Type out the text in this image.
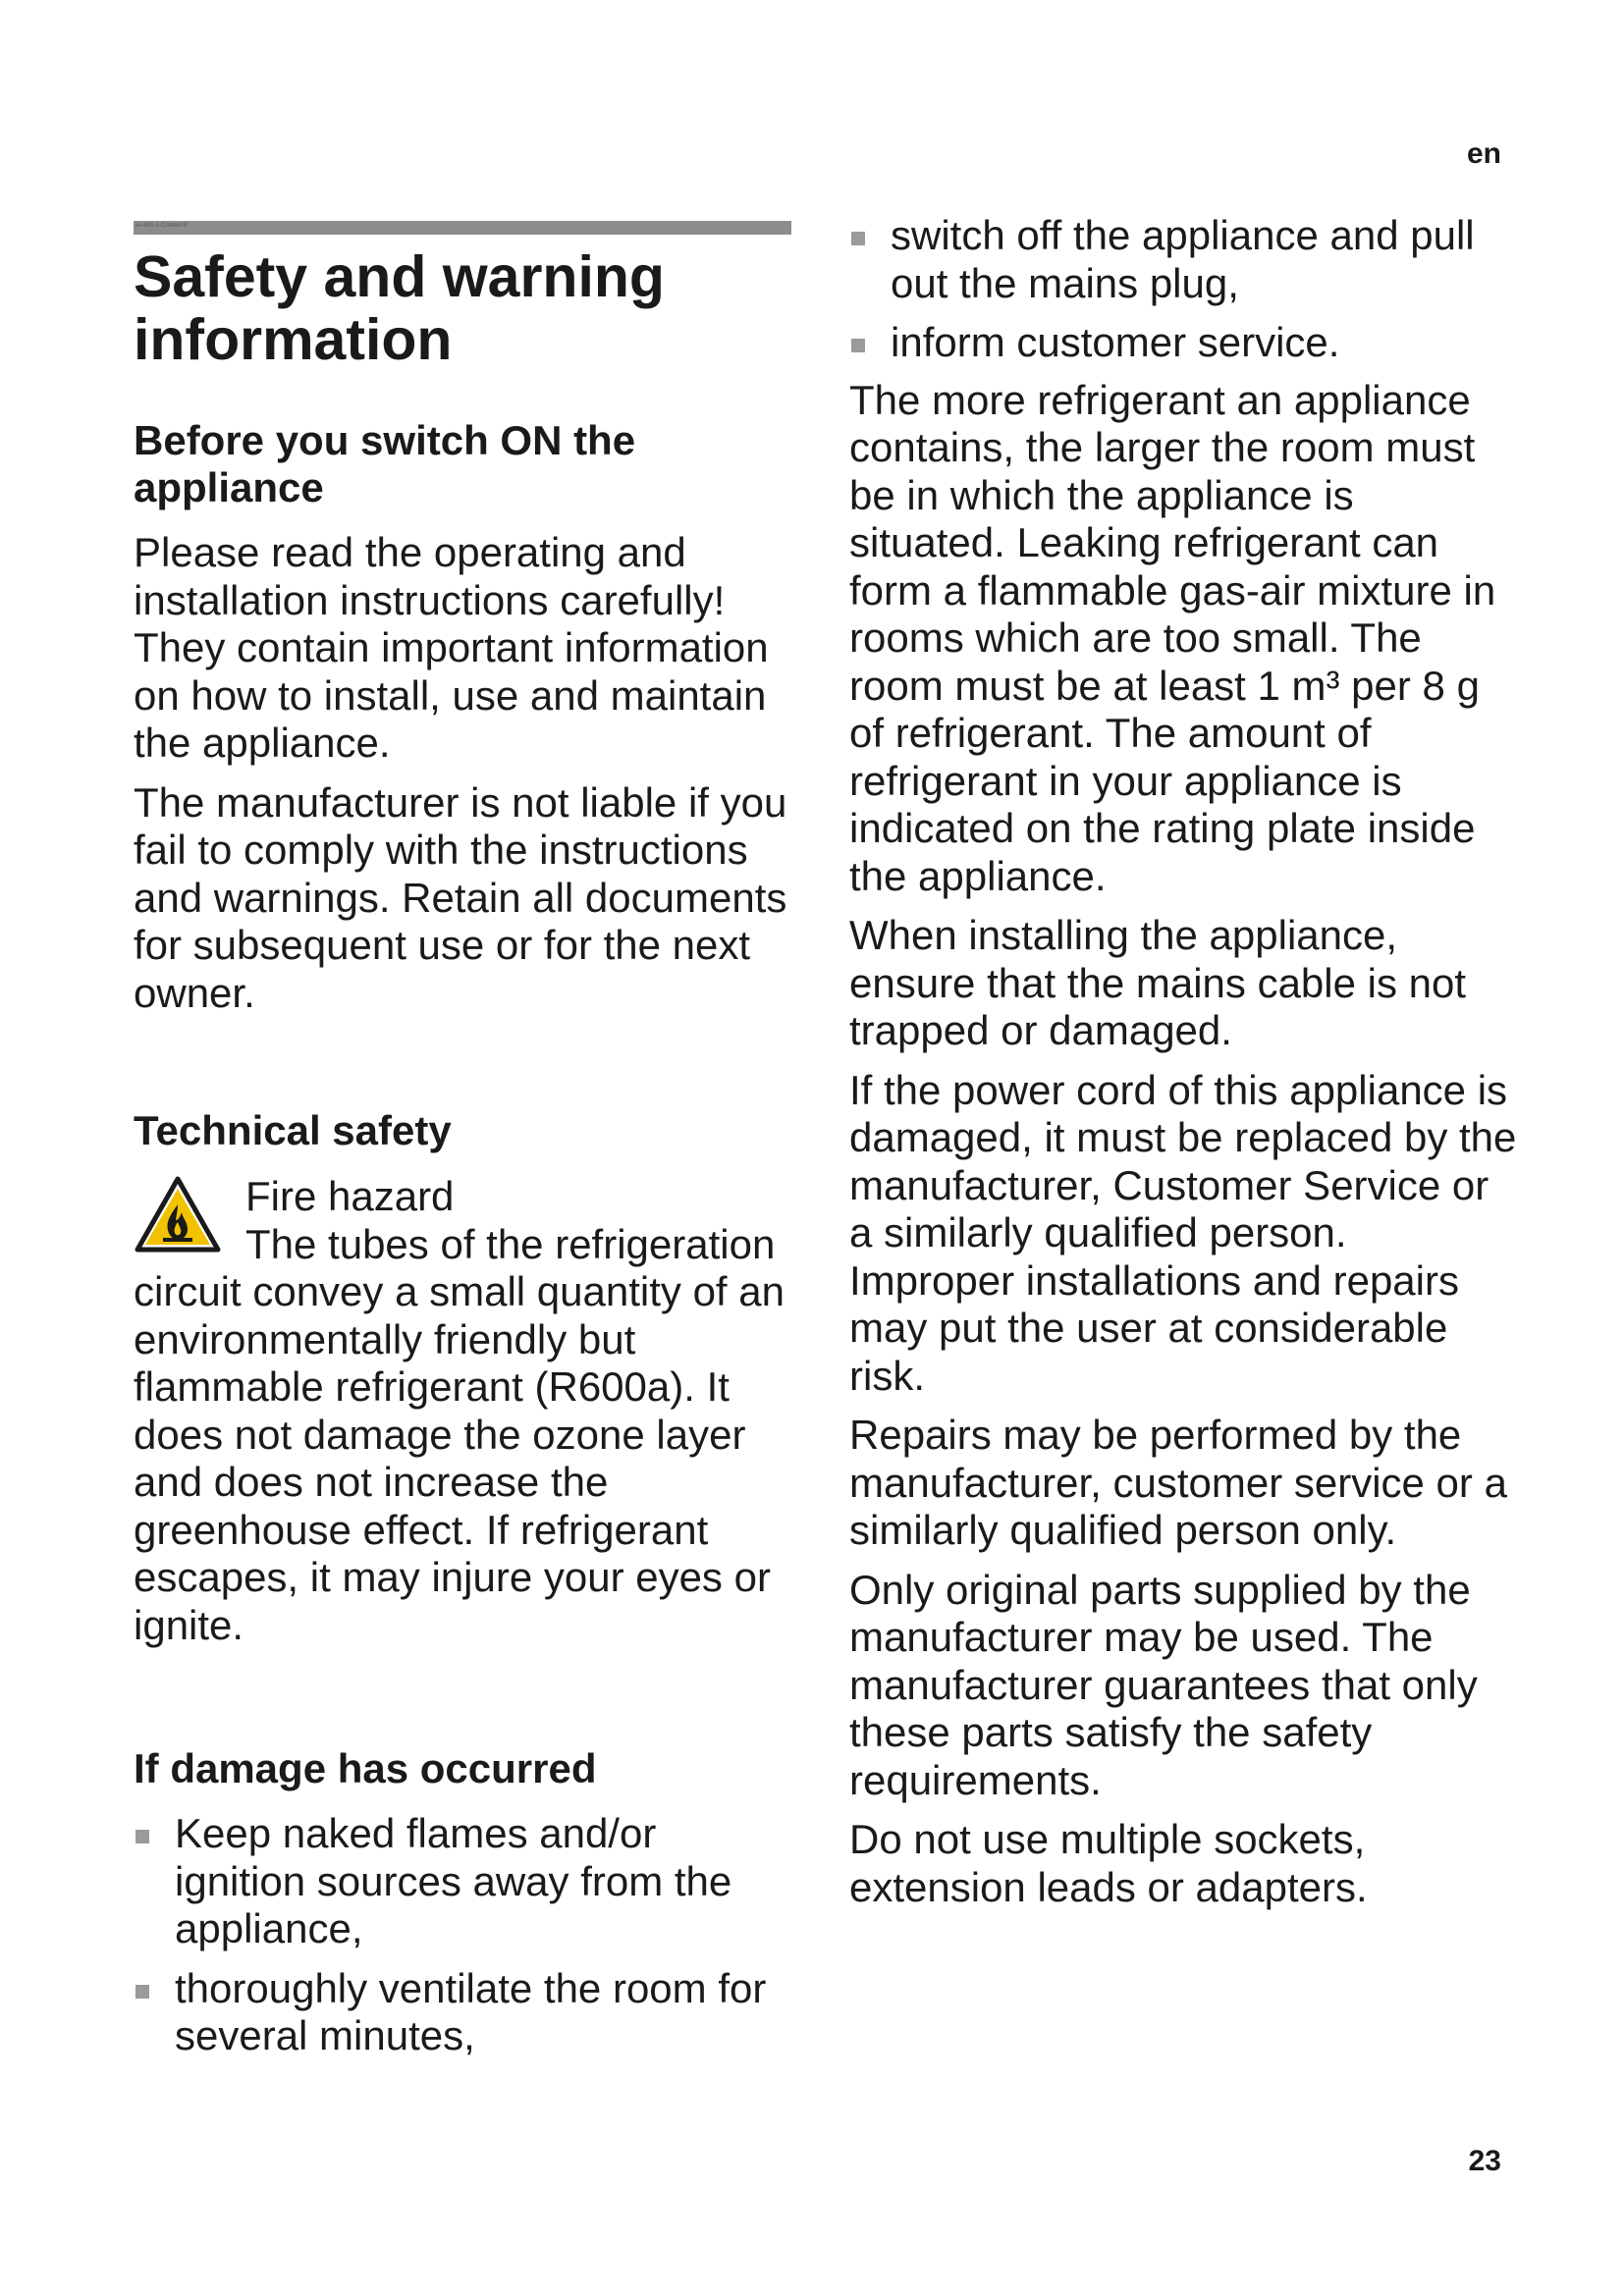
en
en-info-tr-Content-P
Safety and warning information
Before you switch ON the appliance

Please read the operating and installation instructions carefully! They contain important information on how to install, use and maintain the appliance.

The manufacturer is not liable if you fail to comply with the instructions and warnings. Retain all documents for subsequent use or for the next owner.

Technical safety
Fire hazard

The tubes of the refrigeration circuit convey a small quantity of an environmentally friendly but flammable refrigerant (R600a). It does not damage the ozone layer and does not increase the greenhouse effect. If refrigerant escapes, it may injure your eyes or ignite.

If damage has occurred
Keep naked flames and/or ignition sources away from the appliance,
thoroughly ventilate the room for several minutes,
switch off the appliance and pull out the mains plug,
inform customer service.

The more refrigerant an appliance contains, the larger the room must be in which the appliance is situated. Leaking refrigerant can form a flammable gas-air mixture in rooms which are too small. The room must be at least 1 m³ per 8 g of refrigerant. The amount of refrigerant in your appliance is indicated on the rating plate inside the appliance.

When installing the appliance, ensure that the mains cable is not trapped or damaged.

If the power cord of this appliance is damaged, it must be replaced by the manufacturer, Customer Service or a similarly qualified person. Improper installations and repairs may put the user at considerable risk.

Repairs may be performed by the manufacturer, customer service or a similarly qualified person only.

Only original parts supplied by the manufacturer may be used. The manufacturer guarantees that only these parts satisfy the safety requirements.

Do not use multiple sockets, extension leads or adapters.

23
